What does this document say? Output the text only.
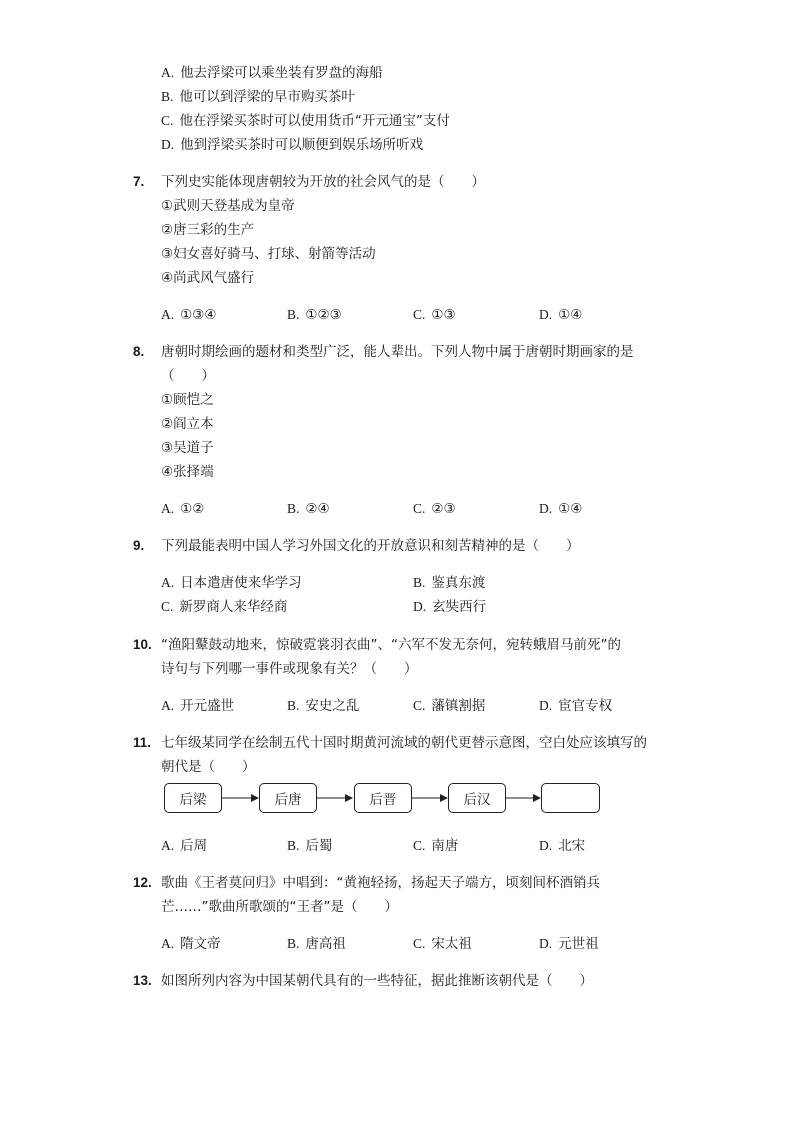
A. 他去浮梁可以乘坐装有罗盘的海船
B. 他可以到浮梁的早市购买茶叶
C. 他在浮梁买茶时可以使用货币“开元通宝”支付
D. 他到浮梁买茶时可以顺便到娱乐场所听戏
7. 下列史实能体现唐朝较为开放的社会风气的是（　　）
①武则天登基成为皇帝
②唐三彩的生产
③妇女喜好骑马、打球、射箭等活动
④尚武风气盛行
A. ①③④	B. ①②③	C. ①③	D. ①④
8. 唐朝时期绘画的题材和类型广泛，能人辈出。下列人物中属于唐朝时期画家的是
（　　）
①顾恺之
②阎立本
③吴道子
④张择端
A. ①②	B. ②④	C. ②③	D. ①④
9. 下列最能表明中国人学习外国文化的开放意识和刻苦精神的是（　　）
A. 日本遣唐使来华学习	B. 鉴真东渡
C. 新罗商人来华经商	D. 玄奘西行
10. “渔阳鼙鼓动地来，惊破霓裳羽衣曲”、“六军不发无奈何，宛转蛾眉马前死”的
诗句与下列哪一事件或现象有关？（　　）
A. 开元盛世	B. 安史之乱	C. 藩镇割据	D. 宦官专权
11. 七年级某同学在绘制五代十国时期黄河流域的朝代更替示意图，空白处应该填写的
朝代是（　　）
后梁	后唐	后晋	后汉
A. 后周	B. 后蜀	C. 南唐	D. 北宋
12. 歌曲《王者莫问归》中唱到：“黄袍轻扬，扬起天子端方，顷刻间杯酒销兵
芒……”歌曲所歌颂的“王者”是（　　）
A. 隋文帝	B. 唐高祖	C. 宋太祖	D. 元世祖
13. 如图所列内容为中国某朝代具有的一些特征，据此推断该朝代是（　　）
